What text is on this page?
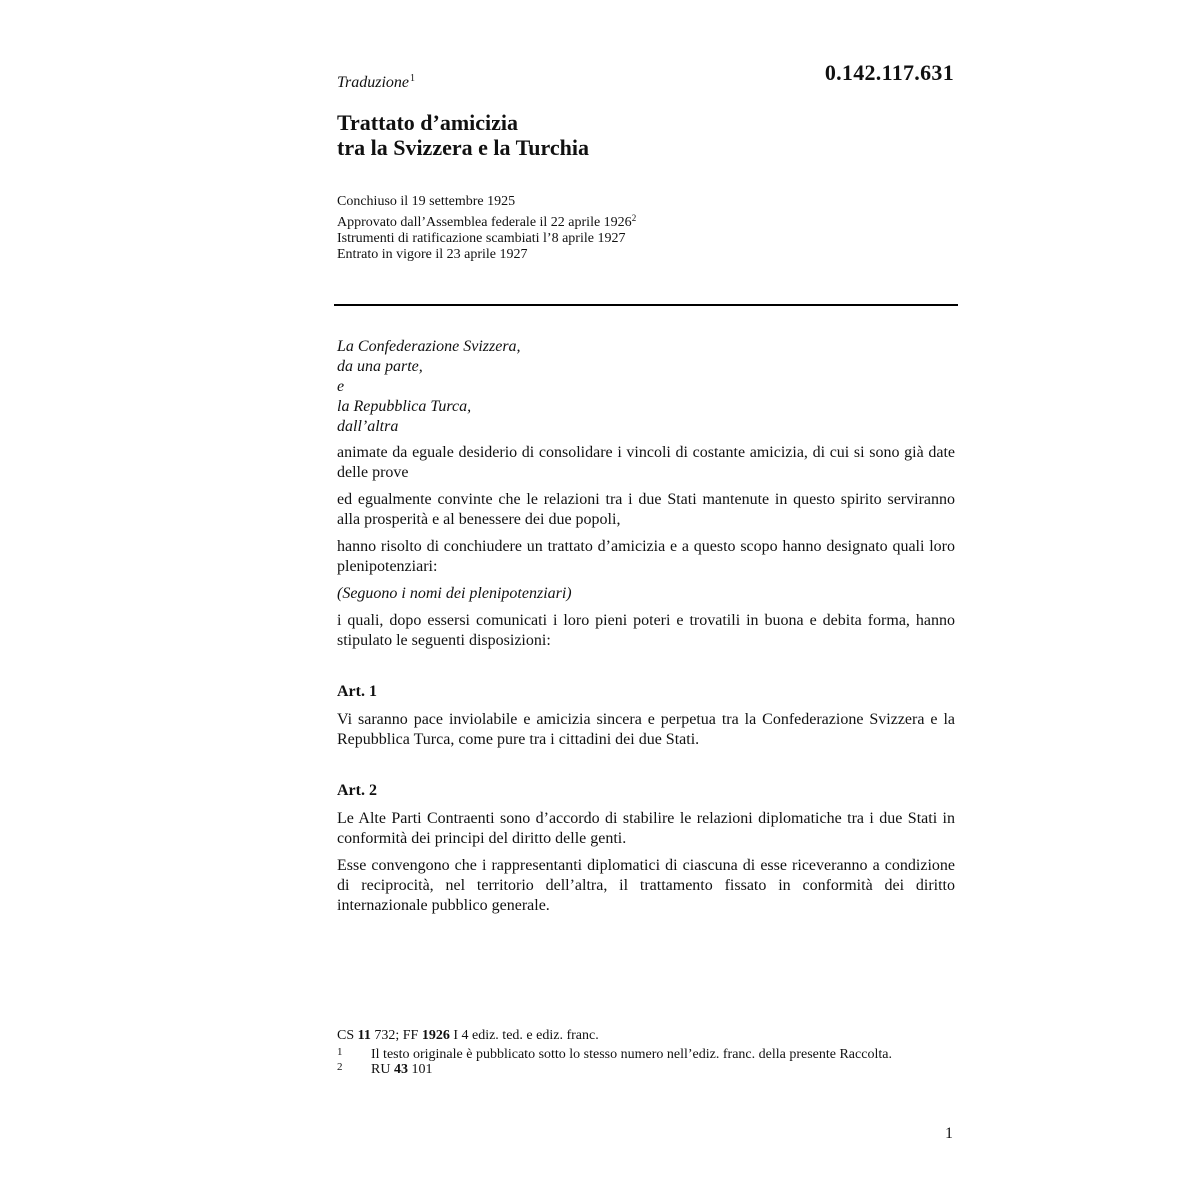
0.142.117.631
Traduzione$^1$
Trattato d’amicizia
tra la Svizzera e la Turchia
Conchiuso il 19 settembre 1925
Approvato dall’Assemblea federale il 22 aprile 1926$^2$
Istrumenti di ratificazione scambiati l’8 aprile 1927
Entrato in vigore il 23 aprile 1927
La Confederazione Svizzera,
da una parte,
e
la Repubblica Turca,
dall’altra

animate da eguale desiderio di consolidare i vincoli di costante amicizia, di cui si sono già date delle prove

ed egualmente convinte che le relazioni tra i due Stati mantenute in questo spirito serviranno alla prosperità e al benessere dei due popoli,

hanno risolto di conchiudere un trattato d’amicizia e a questo scopo hanno designato quali loro plenipotenziari:

(Seguono i nomi dei plenipotenziari)

i quali, dopo essersi comunicati i loro pieni poteri e trovatili in buona e debita forma, hanno stipulato le seguenti disposizioni:

Art. 1

Vi saranno pace inviolabile e amicizia sincera e perpetua tra la Confederazione Svizzera e la Repubblica Turca, come pure tra i cittadini dei due Stati.

Art. 2

Le Alte Parti Contraenti sono d’accordo di stabilire le relazioni diplomatiche tra i due Stati in conformità dei principi del diritto delle genti.

Esse convengono che i rappresentanti diplomatici di ciascuna di esse riceveranno a condizione di reciprocità, nel territorio dell’altra, il trattamento fissato in conformità dei diritto internazionale pubblico generale.

CS 11 732; FF 1926 I 4 ediz. ted. e ediz. franc.
1	Il testo originale è pubblicato sotto lo stesso numero nell’ediz. franc. della presente Raccolta.
2	RU 43 101
1
